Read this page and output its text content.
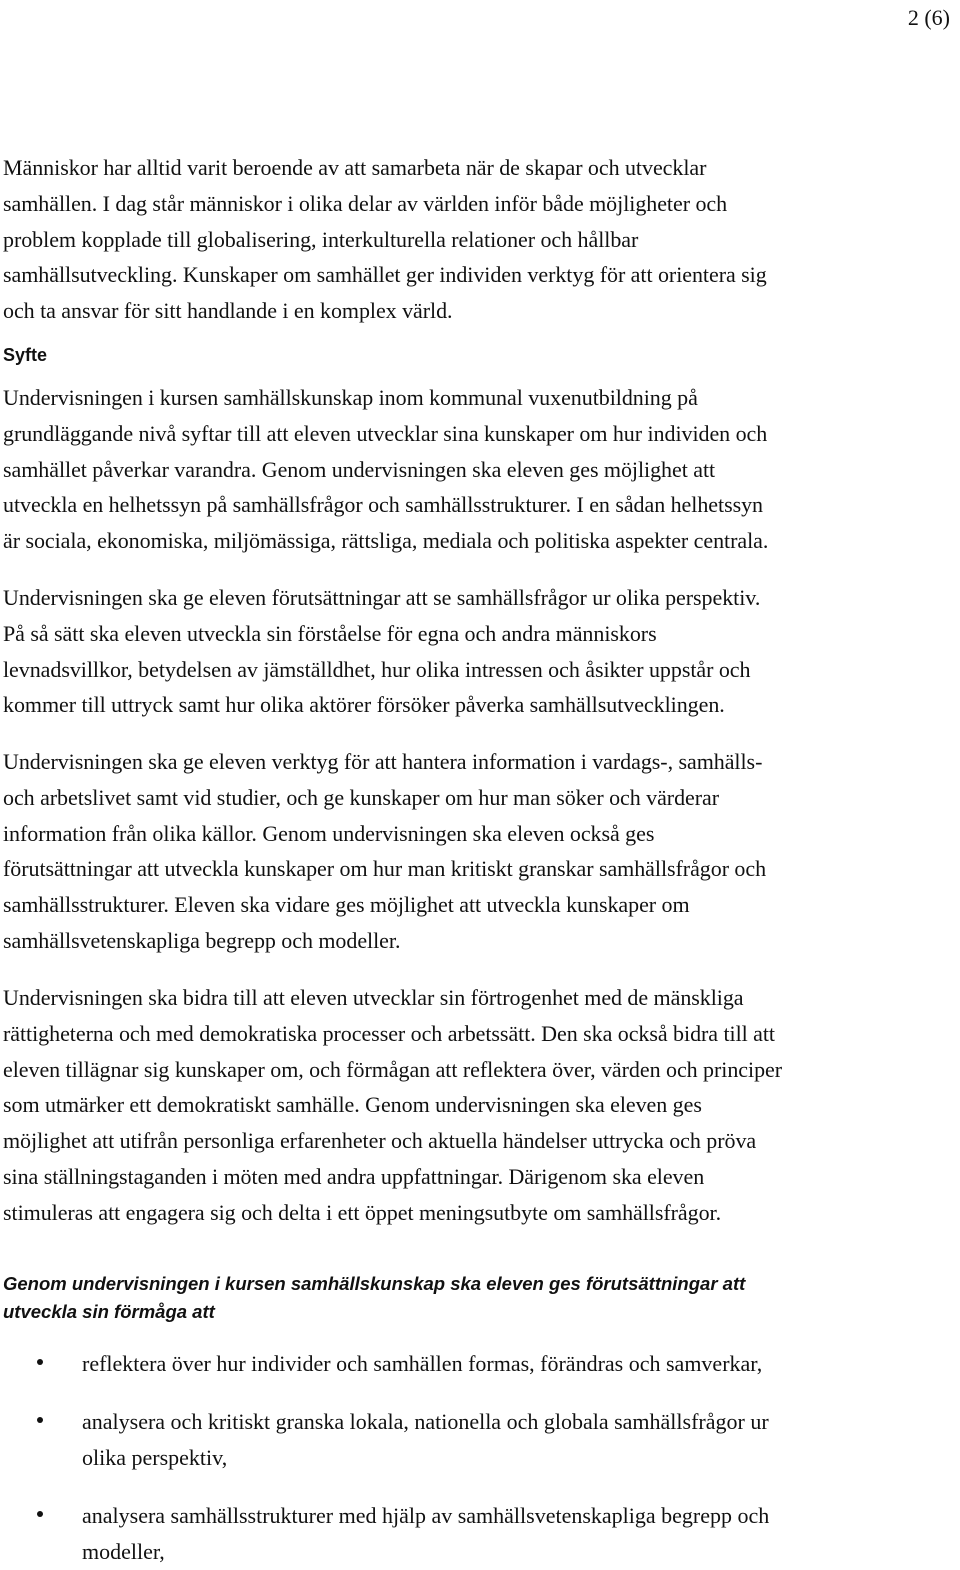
2 (6)

Människor har alltid varit beroende av att samarbeta när de skapar och utvecklar
samhällen. I dag står människor i olika delar av världen inför både möjligheter och
problem kopplade till globalisering, interkulturella relationer och hållbar
samhällsutveckling. Kunskaper om samhället ger individen verktyg för att orientera sig
och ta ansvar för sitt handlande i en komplex värld.

Syfte

Undervisningen i kursen samhällskunskap inom kommunal vuxenutbildning på
grundläggande nivå syftar till att eleven utvecklar sina kunskaper om hur individen och
samhället påverkar varandra. Genom undervisningen ska eleven ges möjlighet att
utveckla en helhetssyn på samhällsfrågor och samhällsstrukturer. I en sådan helhetssyn
är sociala, ekonomiska, miljömässiga, rättsliga, mediala och politiska aspekter centrala.

Undervisningen ska ge eleven förutsättningar att se samhällsfrågor ur olika perspektiv.
På så sätt ska eleven utveckla sin förståelse för egna och andra människors
levnadsvillkor, betydelsen av jämställdhet, hur olika intressen och åsikter uppstår och
kommer till uttryck samt hur olika aktörer försöker påverka samhällsutvecklingen.

Undervisningen ska ge eleven verktyg för att hantera information i vardags-, samhälls-
och arbetslivet samt vid studier, och ge kunskaper om hur man söker och värderar
information från olika källor. Genom undervisningen ska eleven också ges
förutsättningar att utveckla kunskaper om hur man kritiskt granskar samhällsfrågor och
samhällsstrukturer. Eleven ska vidare ges möjlighet att utveckla kunskaper om
samhällsvetenskapliga begrepp och modeller.

Undervisningen ska bidra till att eleven utvecklar sin förtrogenhet med de mänskliga
rättigheterna och med demokratiska processer och arbetssätt. Den ska också bidra till att
eleven tillägnar sig kunskaper om, och förmågan att reflektera över, värden och principer
som utmärker ett demokratiskt samhälle. Genom undervisningen ska eleven ges
möjlighet att utifrån personliga erfarenheter och aktuella händelser uttrycka och pröva
sina ställningstaganden i möten med andra uppfattningar. Därigenom ska eleven
stimuleras att engagera sig och delta i ett öppet meningsutbyte om samhällsfrågor.

Genom undervisningen i kursen samhällskunskap ska eleven ges förutsättningar att
utveckla sin förmåga att
reflektera över hur individer och samhällen formas, förändras och samverkar,
analysera och kritiskt granska lokala, nationella och globala samhällsfrågor ur
olika perspektiv,
analysera samhällsstrukturer med hjälp av samhällsvetenskapliga begrepp och
modeller,
